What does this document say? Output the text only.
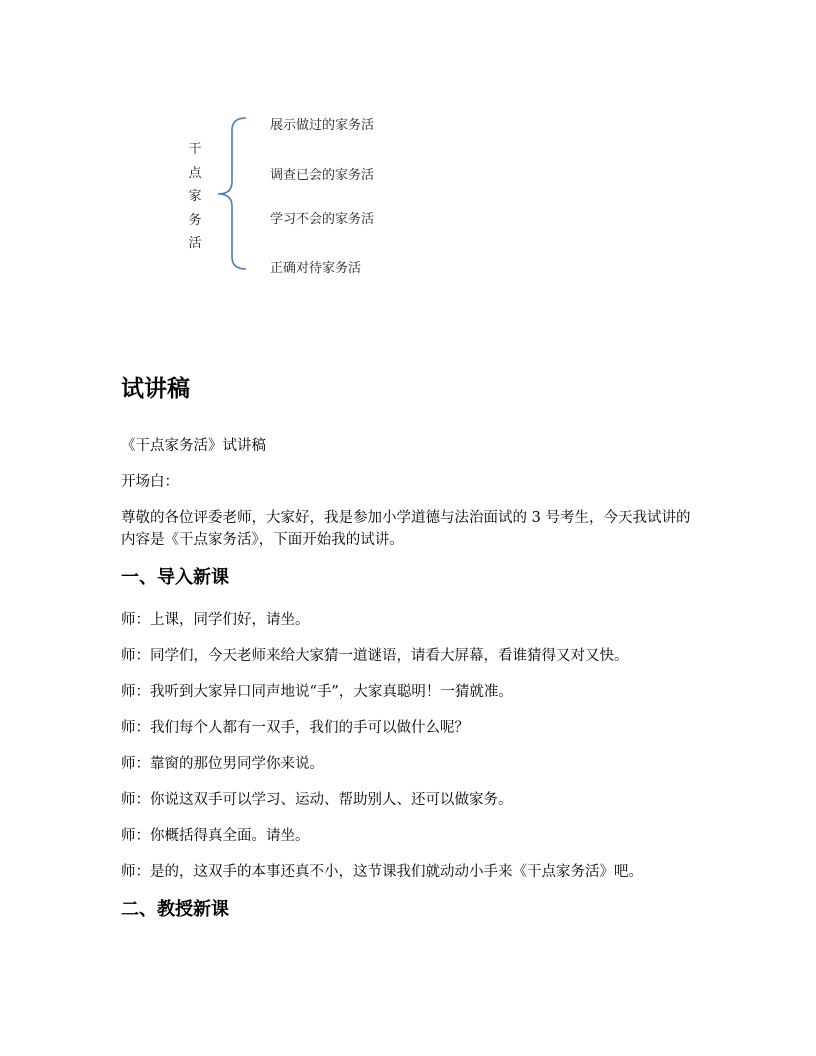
干
点
家
务
活
展示做过的家务活
调查已会的家务活
学习不会的家务活
正确对待家务活
试讲稿

《干点家务活》试讲稿

开场白：

尊敬的各位评委老师，大家好，我是参加小学道德与法治面试的 3 号考生，今天我试讲的内容是《干点家务活》，下面开始我的试讲。

一、导入新课

师：上课，同学们好，请坐。

师：同学们，今天老师来给大家猜一道谜语，请看大屏幕，看谁猜得又对又快。

师：我听到大家异口同声地说“手”，大家真聪明！一猜就准。

师：我们每个人都有一双手，我们的手可以做什么呢？

师：靠窗的那位男同学你来说。

师：你说这双手可以学习、运动、帮助别人、还可以做家务。

师：你概括得真全面。请坐。

师：是的，这双手的本事还真不小，这节课我们就动动小手来《干点家务活》吧。

二、教授新课
